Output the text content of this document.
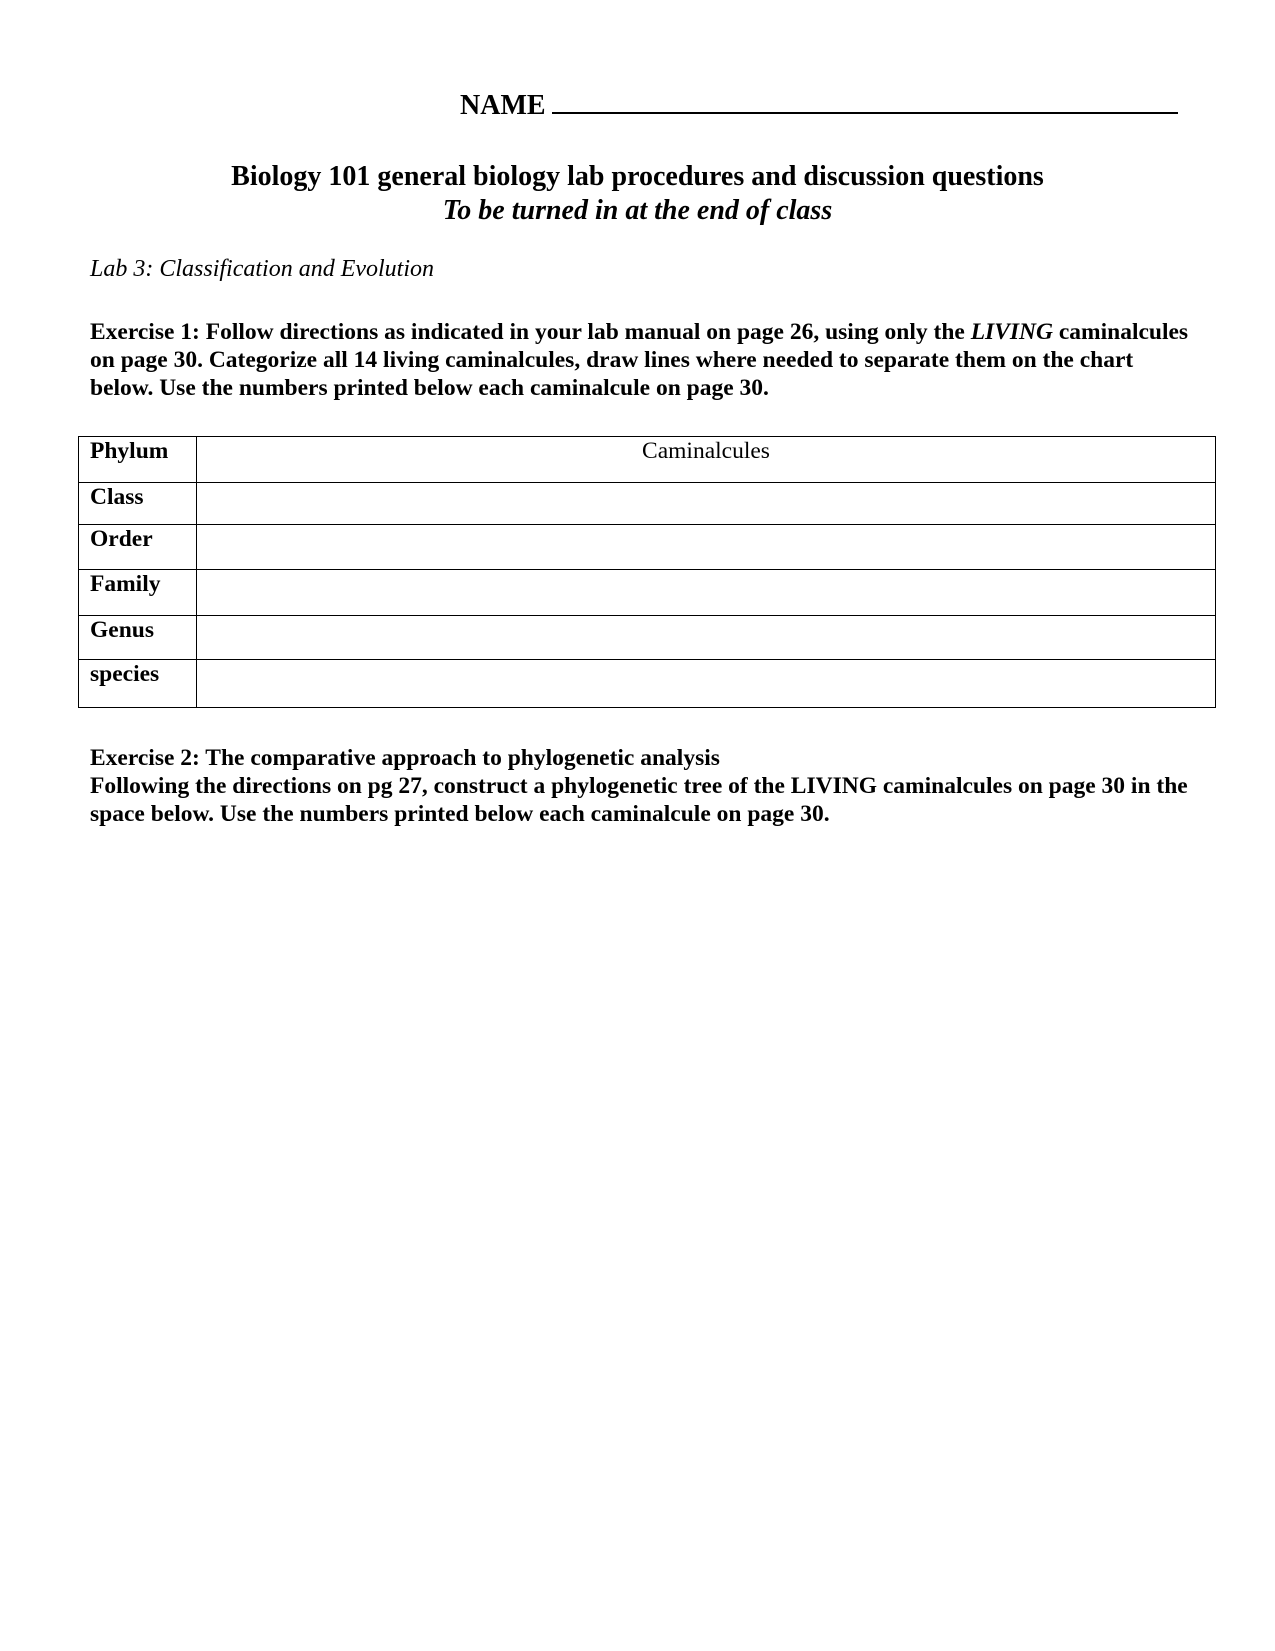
NAME
Biology 101 general biology lab procedures and discussion questions
To be turned in at the end of class
Lab 3: Classification and Evolution
Exercise 1: Follow directions as indicated in your lab manual on page 26, using only the LIVING caminalcules on page 30. Categorize all 14 living caminalcules, draw lines where needed to separate them on the chart below. Use the numbers printed below each caminalcule on page 30.
Phylum	Caminalcules
Class	
Order	
Family	
Genus	
species	
Exercise 2: The comparative approach to phylogenetic analysis
Following the directions on pg 27, construct a phylogenetic tree of the LIVING caminalcules on page 30 in the space below. Use the numbers printed below each caminalcule on page 30.
